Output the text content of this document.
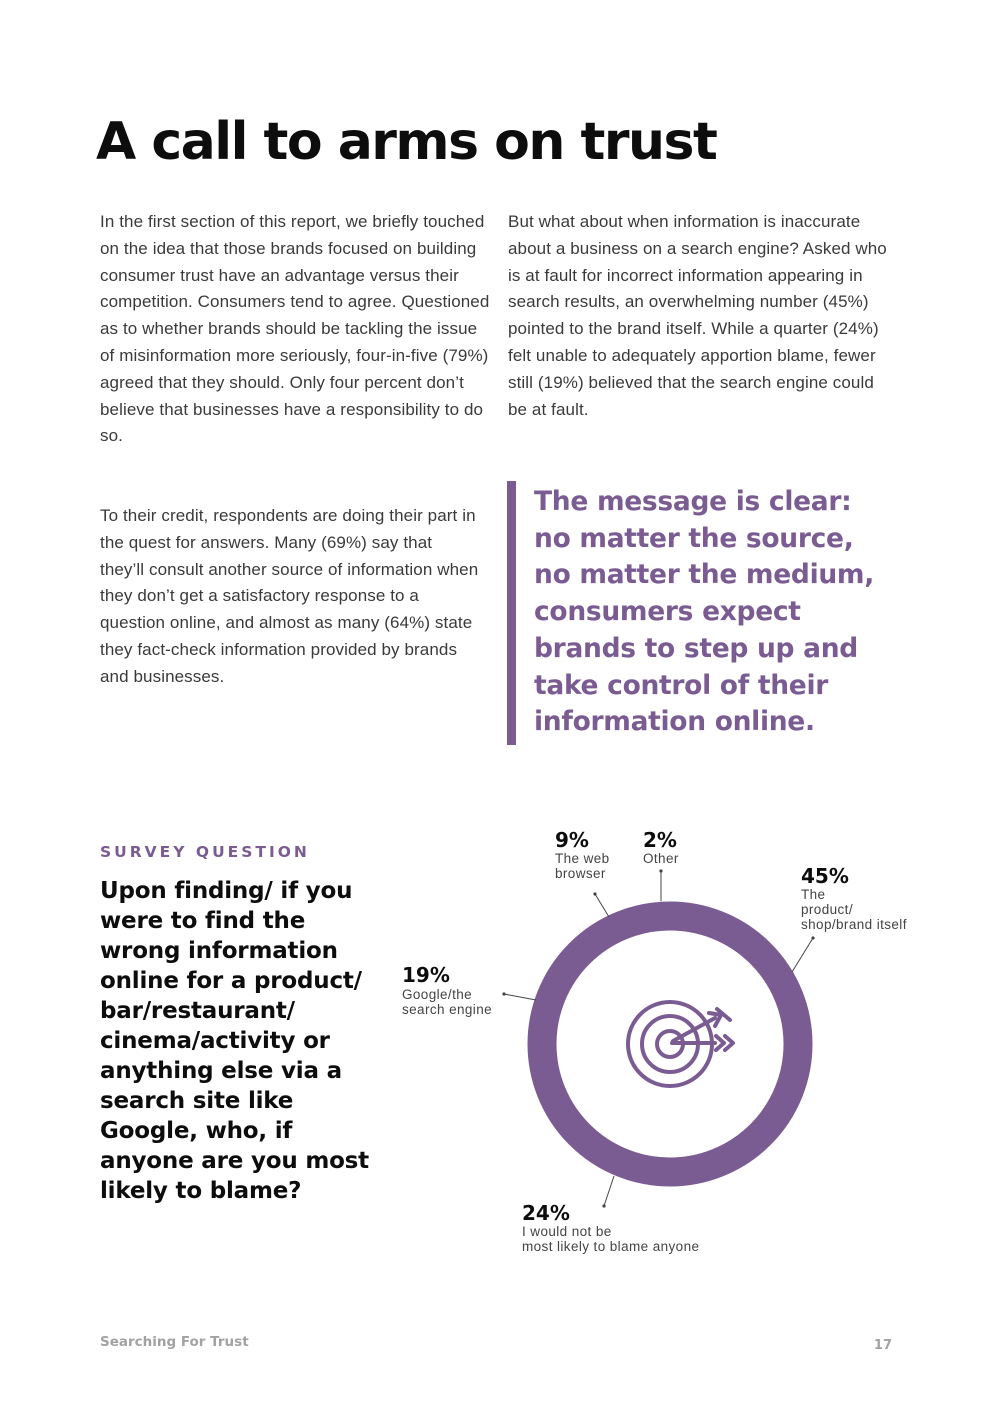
A call to arms on trust

In the first section of this report, we briefly touched on the idea that those brands focused on building consumer trust have an advantage versus their competition. Consumers tend to agree. Questioned as to whether brands should be tackling the issue of misinformation more seriously, four-in-five (79%) agreed that they should. Only four percent don’t believe that businesses have a responsibility to do so.

To their credit, respondents are doing their part in the quest for answers. Many (69%) say that they’ll consult another source of information when they don’t get a satisfactory response to a question online, and almost as many (64%) state they fact-check information provided by brands and businesses.

But what about when information is inaccurate about a business on a search engine? Asked who is at fault for incorrect information appearing in search results, an overwhelming number (45%) pointed to the brand itself. While a quarter (24%) felt unable to adequately apportion blame, fewer still (19%) believed that the search engine could be at fault.

The message is clear: no matter the source, no matter the medium, consumers expect brands to step up and take control of their information online.

SURVEY QUESTION

Upon finding/ if you were to find the wrong information online for a product/ bar/restaurant/ cinema/activity or anything else via a search site like Google, who, if anyone are you most likely to blame?

45%
The product/ shop/brand itself
24%
I would not be most likely to blame anyone
19%
Google/the search engine
9%
The web browser
2%
Other

Searching For Trust	17
